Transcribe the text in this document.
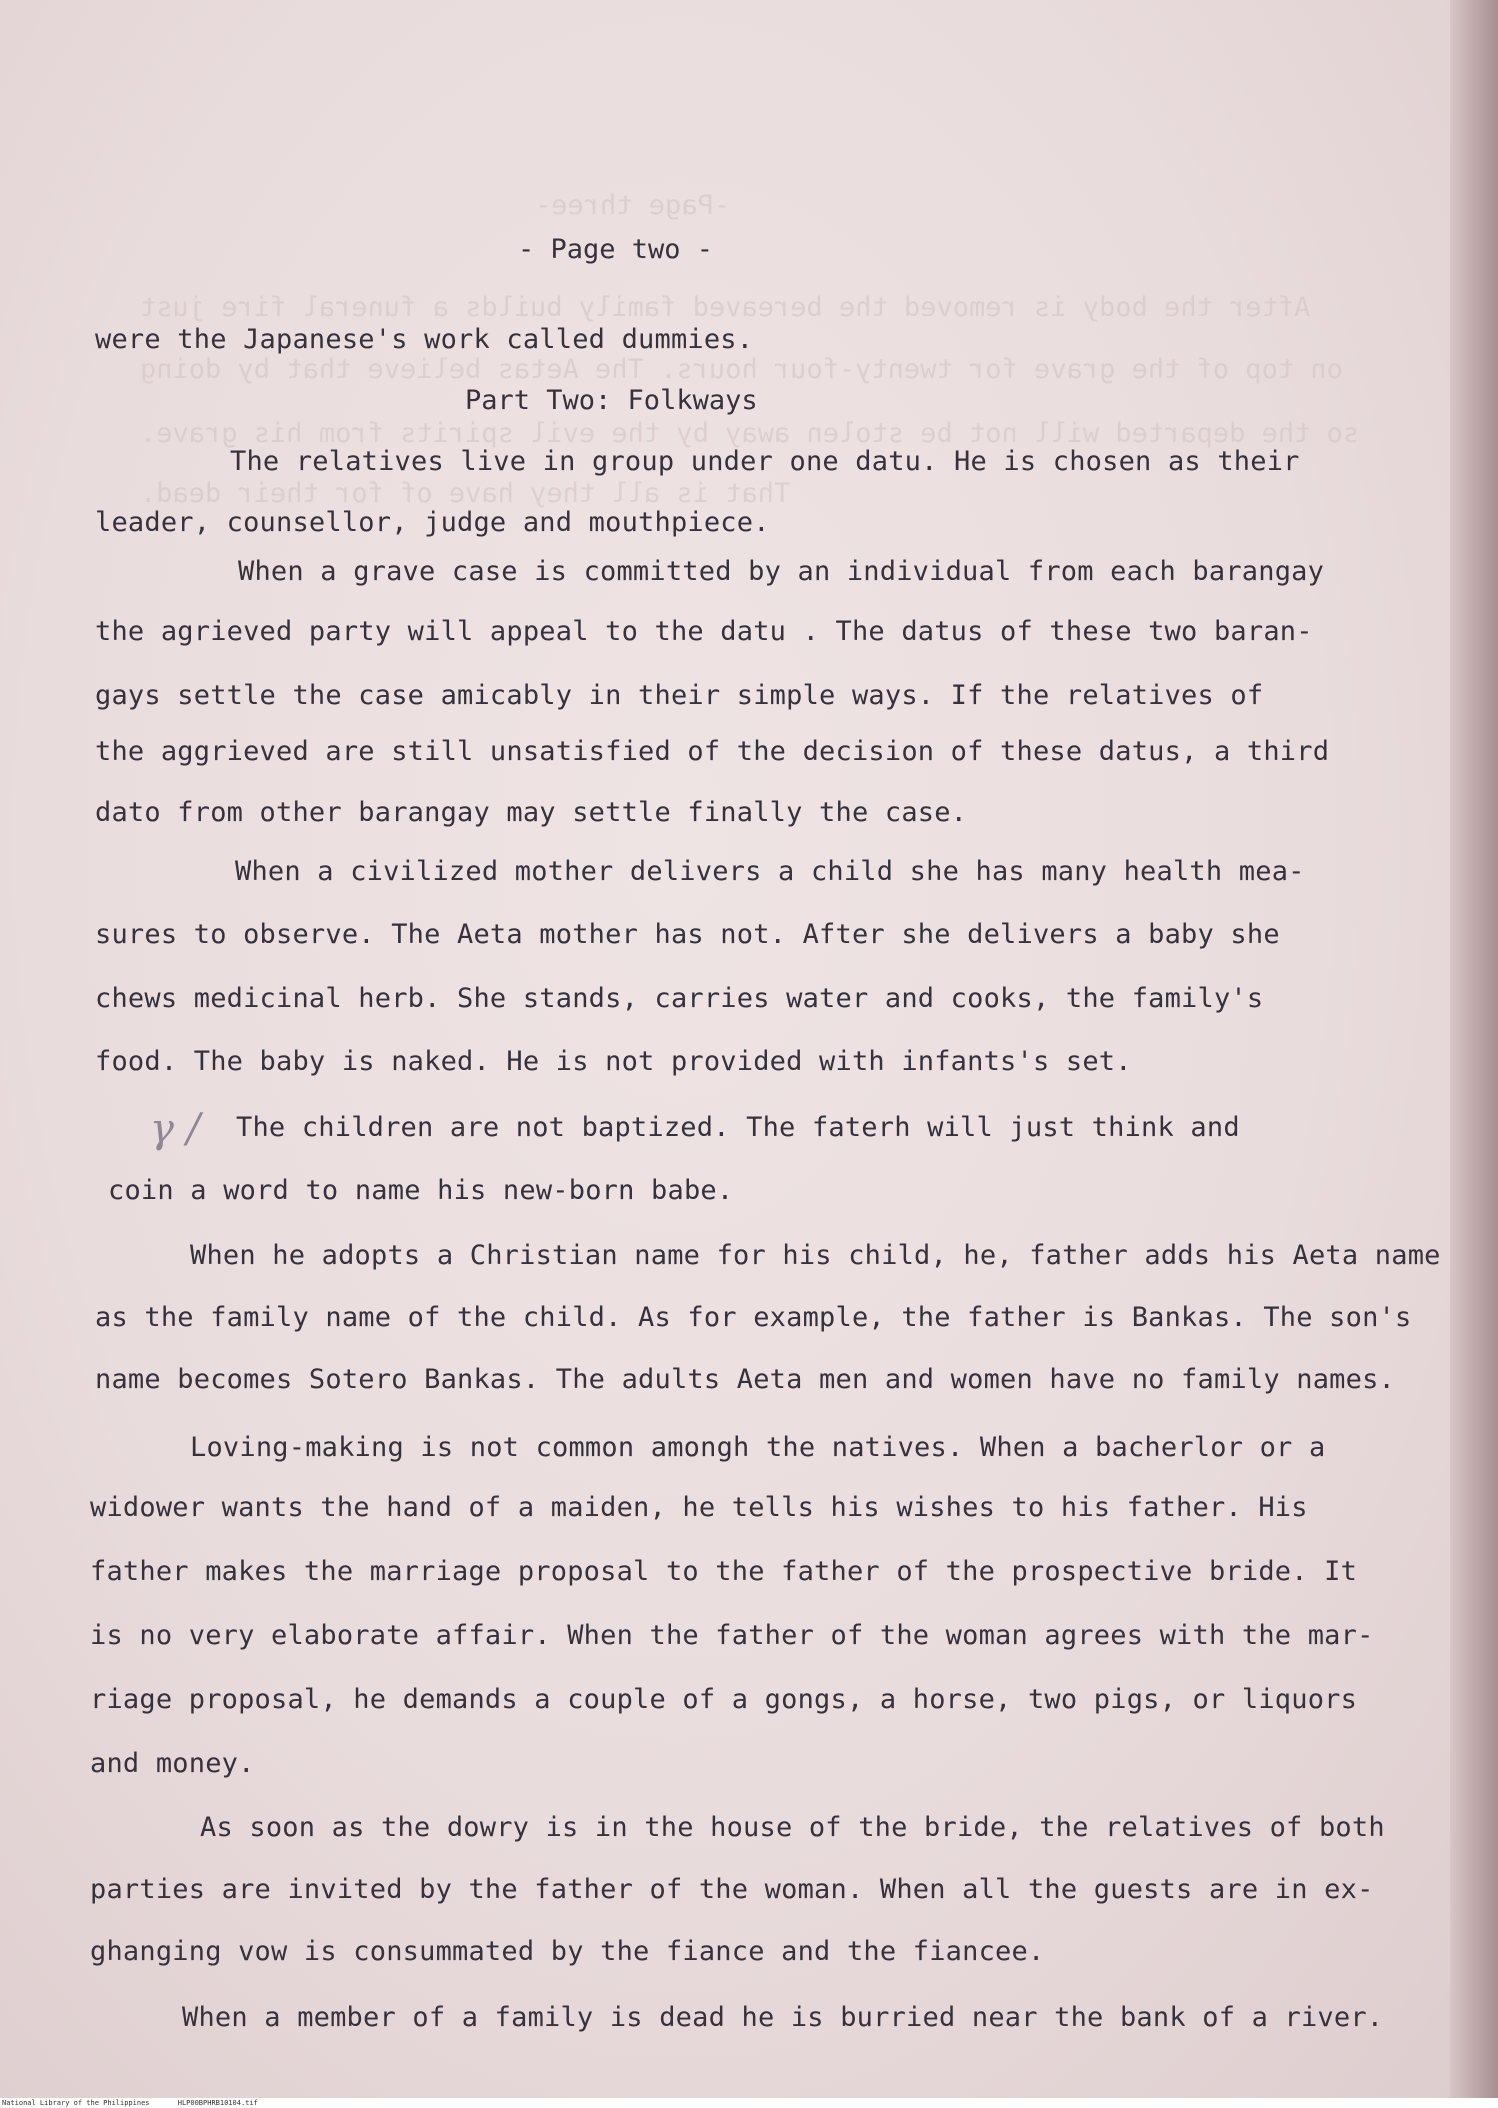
-Page three-
After the body is removed the bereaved family builds a funeral fire just
on top of the grave for twenty-four hours. The Aetas believe that by doing
so the departed will not be stolen away by the evil spirits from his grave.
That is all they have of for their dead.
- Page two -
were the Japanese's work called dummies.
Part Two: Folkways
The relatives live in group under one datu. He is chosen as their
leader, counsellor, judge and mouthpiece.
When a grave case is committed by an individual from each barangay
the agrieved party will appeal to the datu . The datus of these two baran-
gays settle the case amicably in their simple ways. If the relatives of
the aggrieved are still unsatisfied of the decision of these datus, a third
dato from other barangay may settle finally the case.
When a civilized mother delivers a child she has many health mea-
sures to observe. The Aeta mother has not. After she delivers a baby she
chews medicinal herb. She stands, carries water and cooks, the family's
food. The baby is naked. He is not provided with infants's set.
γ / The children are not baptized. The faterh will just think and
coin a word to name his new-born babe.
When he adopts a Christian name for his child, he, father adds his Aeta name
as the family name of the child. As for example, the father is Bankas. The son's
name becomes Sotero Bankas. The adults Aeta men and women have no family names.
Loving-making is not common amongh the natives. When a bacherlor or a
widower wants the hand of a maiden, he tells his wishes to his father. His
father makes the marriage proposal to the father of the prospective bride. It
is no very elaborate affair. When the father of the woman agrees with the mar-
riage proposal, he demands a couple of a gongs, a horse, two pigs, or liquors
and money.
As soon as the dowry is in the house of the bride, the relatives of both
parties are invited by the father of the woman. When all the guests are in ex-
ghanging vow is consummated by the fiance and the fiancee.
When a member of a family is dead he is burried near the bank of a river.
National Library of the Philippines	HLP00BPHRB10104.tif
